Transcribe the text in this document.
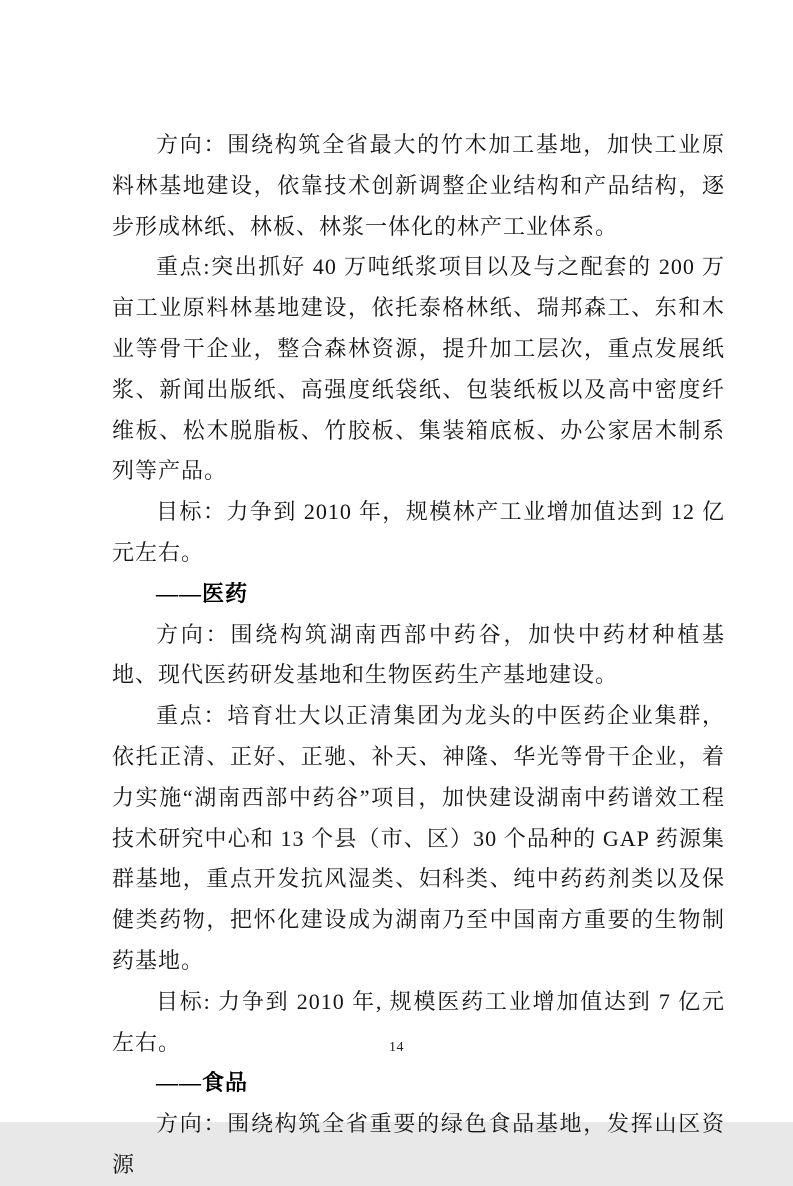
方向：围绕构筑全省最大的竹木加工基地，加快工业原料林基地建设，依靠技术创新调整企业结构和产品结构，逐步形成林纸、林板、林浆一体化的林产工业体系。

重点:突出抓好 40 万吨纸浆项目以及与之配套的 200 万亩工业原料林基地建设，依托泰格林纸、瑞邦森工、东和木业等骨干企业，整合森林资源，提升加工层次，重点发展纸浆、新闻出版纸、高强度纸袋纸、包装纸板以及高中密度纤维板、松木脱脂板、竹胶板、集装箱底板、办公家居木制系列等产品。

目标：力争到 2010 年，规模林产工业增加值达到 12 亿元左右。

——医药

方向：围绕构筑湖南西部中药谷，加快中药材种植基地、现代医药研发基地和生物医药生产基地建设。

重点：培育壮大以正清集团为龙头的中医药企业集群，依托正清、正好、正驰、补天、神隆、华光等骨干企业，着力实施“湖南西部中药谷”项目，加快建设湖南中药谱效工程技术研究中心和 13 个县（市、区）30 个品种的 GAP 药源集群基地，重点开发抗风湿类、妇科类、纯中药药剂类以及保健类药物，把怀化建设成为湖南乃至中国南方重要的生物制药基地。

目标: 力争到 2010 年, 规模医药工业增加值达到 7 亿元左右。

——食品

方向：围绕构筑全省重要的绿色食品基地，发挥山区资源

14
